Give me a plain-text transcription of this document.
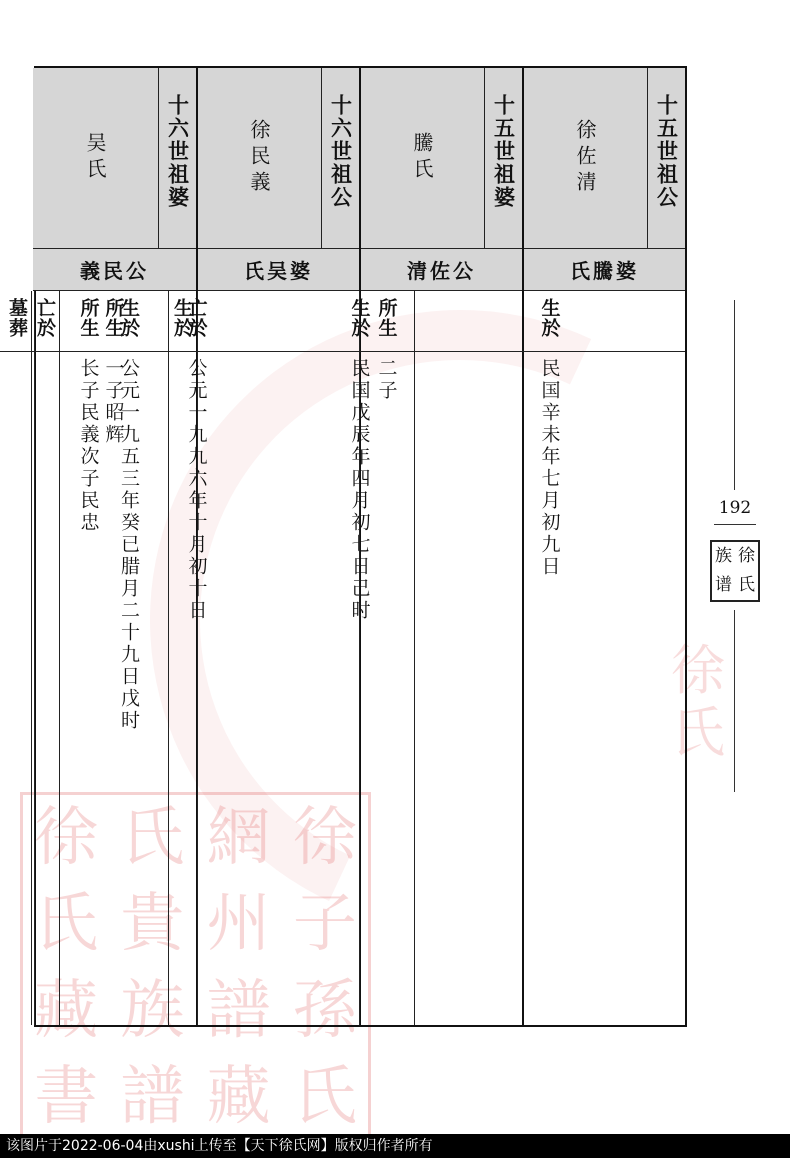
徐 氏 網 徐
氏 貴 州 子
藏 族 譜 孫
書 譜 藏 氏
徐
氏
十五世祖公
徐佐清
氏騰婆
生於
民国辛未年七月初九日
所生
二子
亡於
公元一九九六年十月初十日
十五世祖婆
騰氏
清佐公
生於
民国戊辰年四月初七日己时
所生
长子民義次子民忠
十六世祖公
徐民義
氏吴婆
生於
公元一九五三年癸已腊月二十九日戊时
十六世祖婆
吴氏
義民公
生於
所生
一子昭辉
亡於
墓葬
192
徐
氏
族
谱
该图片于2022-06-04由xushi上传至【天下徐氏网】版权归作者所有
